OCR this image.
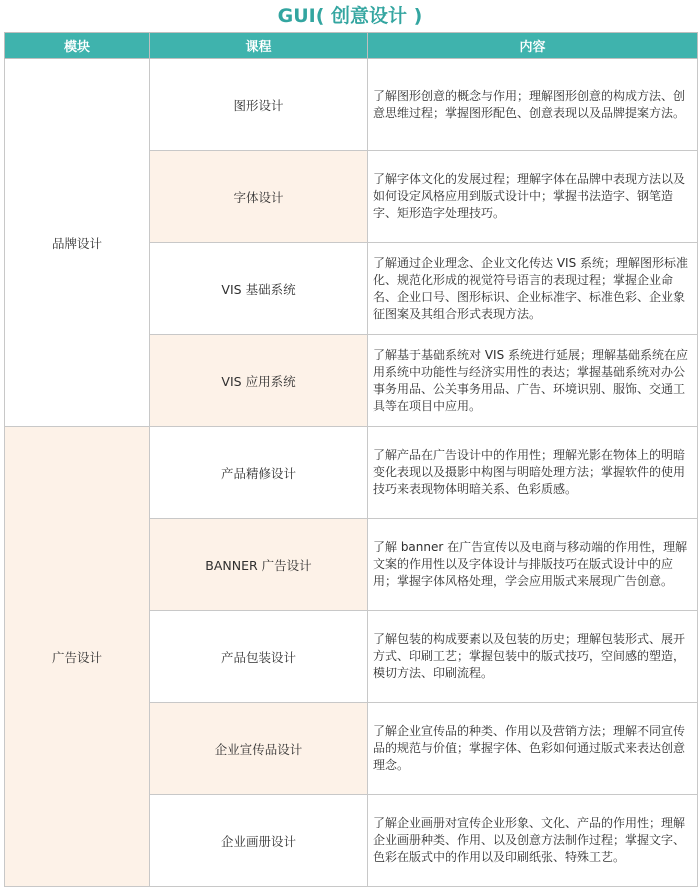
GUI( 创意设计 )
模块	课程	内容
品牌设计	图形设计	了解图形创意的概念与作用；理解图形创意的构成方法、创意思维过程；掌握图形配色、创意表现以及品牌提案方法。
	字体设计	了解字体文化的发展过程；理解字体在品牌中表现方法以及如何设定风格应用到版式设计中；掌握书法造字、钢笔造字、矩形造字处理技巧。
	VIS 基础系统	了解通过企业理念、企业文化传达 VIS 系统；理解图形标准化、规范化形成的视觉符号语言的表现过程；掌握企业命名、企业口号、图形标识、企业标准字、标准色彩、企业象征图案及其组合形式表现方法。
	VIS 应用系统	了解基于基础系统对 VIS 系统进行延展；理解基础系统在应用系统中功能性与经济实用性的表达；掌握基础系统对办公事务用品、公关事务用品、广告、环境识别、服饰、交通工具等在项目中应用。
广告设计	产品精修设计	了解产品在广告设计中的作用性；理解光影在物体上的明暗变化表现以及摄影中构图与明暗处理方法；掌握软件的使用技巧来表现物体明暗关系、色彩质感。
	BANNER 广告设计	了解 banner 在广告宣传以及电商与移动端的作用性，理解文案的作用性以及字体设计与排版技巧在版式设计中的应用；掌握字体风格处理，学会应用版式来展现广告创意。
	产品包装设计	了解包装的构成要素以及包装的历史；理解包装形式、展开方式、印刷工艺；掌握包装中的版式技巧，空间感的塑造，模切方法、印刷流程。
	企业宣传品设计	了解企业宣传品的种类、作用以及营销方法；理解不同宣传品的规范与价值；掌握字体、色彩如何通过版式来表达创意理念。
	企业画册设计	了解企业画册对宣传企业形象、文化、产品的作用性；理解企业画册种类、作用、以及创意方法制作过程；掌握文字、色彩在版式中的作用以及印刷纸张、特殊工艺。
